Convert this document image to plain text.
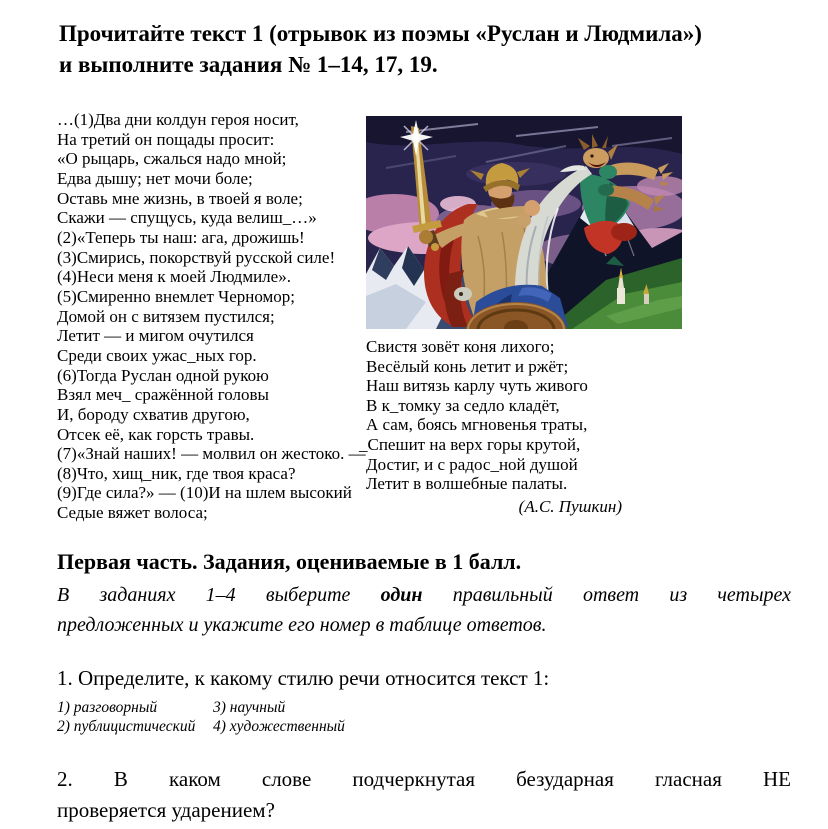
Прочитайте текст 1 (отрывок из поэмы «Руслан и Людмила»)
и выполните задания № 1–14, 17, 19.
…(1)Два дни колдун героя носит,
На третий он пощады просит:
«О рыцарь, сжалься надо мной;
Едва дышу; нет мочи боле;
Оставь мне жизнь, в твоей я воле;
Скажи — спущусь, куда велиш_…»
(2)«Теперь ты наш: ага, дрожишь!
(3)Смирись, покорствуй русской силе!
(4)Неси меня к моей Людмиле».
(5)Смиренно внемлет Черномор;
Домой он с витязем пустился;
Летит — и мигом очутился
Среди своих ужас_ных гор.
(6)Тогда Руслан одной рукою
Взял меч_ сражённой головы
И, бороду схватив другою,
Отсек её, как горсть травы.
(7)«Знай наших! — молвил он жестоко. —
(8)Что, хищ_ник, где твоя краса?
(9)Где сила?» — (10)И на шлем высокий
Седые вяжет волоса;
Свистя зовёт коня лихого;
Весёлый конь летит и ржёт;
Наш витязь карлу чуть живого
В к_томку за седло кладёт,
А сам, боясь мгновенья траты,
_Спешит на верх горы крутой,
Достиг, и с радос_ной душой
Летит в волшебные палаты.
(А.С. Пушкин)
Первая часть. Задания, оцениваемые в 1 балл.
В заданиях 1–4 выберите один правильный ответ из четырех
предложенных и укажите его номер в таблице ответов.
1. Определите, к какому стилю речи относится текст 1:
1) разговорный	3) научный
2) публицистический 4) художественный
2. В каком слове подчеркнутая безударная гласная НЕ
проверяется ударением?
